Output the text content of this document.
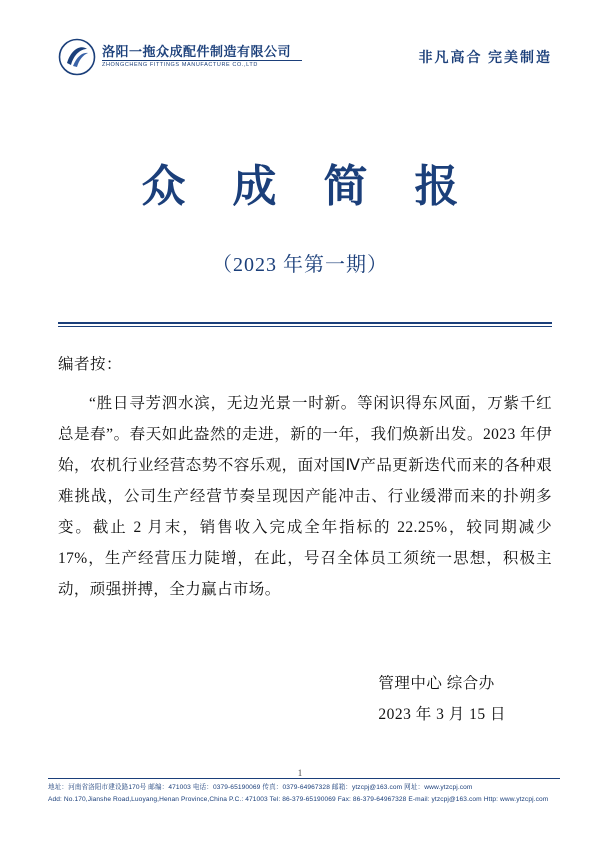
洛阳一拖众成配件制造有限公司
ZHONGCHENG FITTINGS MANUFACTURE CO.,LTD	非凡高合 完美制造
众 成 简 报
（2023 年第一期）
编者按：
“胜日寻芳泗水滨，无边光景一时新。等闲识得东风面，万紫千红总是春”。春天如此盎然的走进，新的一年，我们焕新出发。2023 年伊始，农机行业经营态势不容乐观，面对国Ⅳ产品更新迭代而来的各种艰难挑战，公司生产经营节奏呈现因产能冲击、行业缓滞而来的扑朔多变。截止 2 月末，销售收入完成全年指标的 22.25%，较同期减少 17%，生产经营压力陡增，在此，号召全体员工须统一思想，积极主动，顽强拼搏，全力赢占市场。
管理中心 综合办
2023 年 3 月 15 日
1
地址：河南省洛阳市建设路170号 邮编：471003 电话：0379-65190069 传真：0379-64967328 邮箱：ytzcpj@163.com 网址：www.ytzcpj.com
Add: No.170,Jianshe Road,Luoyang,Henan Province,China P.C.: 471003 Tel: 86-379-65190069 Fax: 86-379-64967328 E-mail: ytzcpj@163.com Http: www.ytzcpj.com
